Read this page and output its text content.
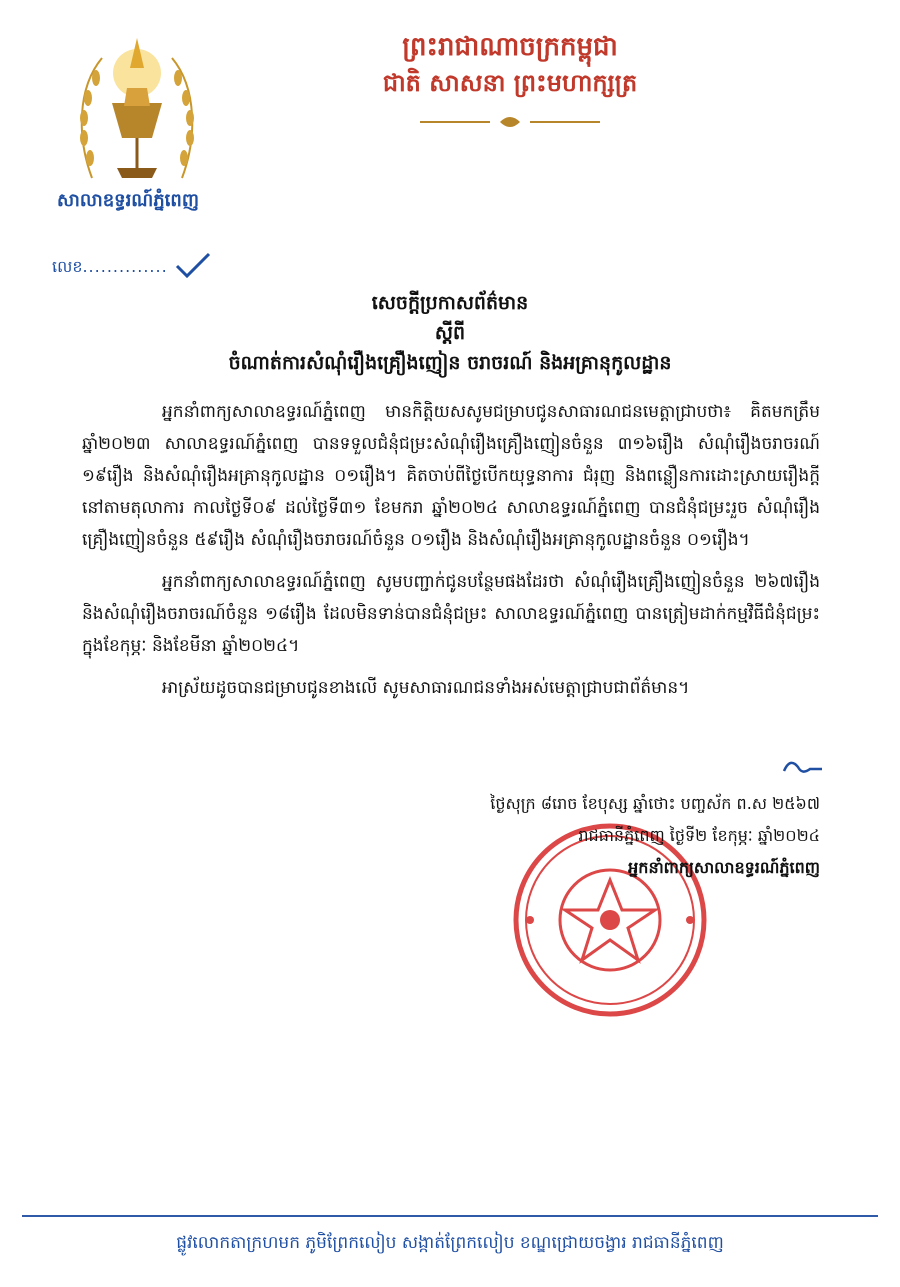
ព្រះរាជាណាចក្រកម្ពុជា
ជាតិ សាសនា ព្រះមហាក្សត្រ
សាលាឧទ្ធរណ៍ភ្នំពេញ
លេខ..............
សេចក្ដីប្រកាសព័ត៌មាន
ស្ដីពី
ចំណាត់ការសំណុំរឿងគ្រឿងញៀន ចរាចរណ៍ និងអគ្រានុកូលដ្ឋាន

អ្នកនាំពាក្យសាលាឧទ្ធរណ៍ភ្នំពេញ មានកិត្តិយសសូមជម្រាបជូនសាធារណជនមេត្តាជ្រាបថា៖ គិតមកត្រឹមឆ្នាំ២០២៣ សាលាឧទ្ធរណ៍ភ្នំពេញ បានទទួលជំនុំជម្រះសំណុំរឿងគ្រឿងញៀនចំនួន ៣១៦រឿង សំណុំរឿងចរាចរណ៍ ១៩រឿង និងសំណុំរឿងអគ្រានុកូលដ្ឋាន ០១រឿង។ គិតចាប់ពីថ្ងៃបើកយុទ្ធនាការ ជំរុញ និងពន្លឿនការដោះស្រាយរឿងក្ដីនៅតាមតុលាការ កាលថ្ងៃទី០៩ ដល់ថ្ងៃទី៣១ ខែមករា ឆ្នាំ២០២៤ សាលាឧទ្ធរណ៍ភ្នំពេញ បានជំនុំជម្រះរួច សំណុំរឿងគ្រឿងញៀនចំនួន ៥៩រឿង សំណុំរឿងចរាចរណ៍ចំនួន ០១រឿង និងសំណុំរឿងអគ្រានុកូលដ្ឋានចំនួន ០១រឿង។

អ្នកនាំពាក្យសាលាឧទ្ធរណ៍ភ្នំពេញ សូមបញ្ជាក់ជូនបន្ថែមផងដែរថា សំណុំរឿងគ្រឿងញៀនចំនួន ២៦៧រឿង និងសំណុំរឿងចរាចរណ៍ចំនួន ១៨រឿង ដែលមិនទាន់បានជំនុំជម្រះ សាលាឧទ្ធរណ៍ភ្នំពេញ បានត្រៀមដាក់កម្មវិធីជំនុំជម្រះក្នុងខែកុម្ភៈ និងខែមីនា ឆ្នាំ២០២៤។

អាស្រ័យដូចបានជម្រាបជូនខាងលើ សូមសាធារណជនទាំងអស់មេត្តាជ្រាបជាព័ត៌មាន។

ថ្ងៃសុក្រ ៨រោច ខែបុស្ស ឆ្នាំថោះ បញ្ចស័ក ព.ស ២៥៦៧
រាជធានីភ្នំពេញ ថ្ងៃទី២ ខែកុម្ភៈ ឆ្នាំ២០២៤
អ្នកនាំពាក្យសាលាឧទ្ធរណ៍ភ្នំពេញ
ផ្លូវលោកតាក្រហមក ភូមិព្រែកលៀប សង្កាត់ព្រែកលៀប ខណ្ឌជ្រោយចង្វារ រាជធានីភ្នំពេញ
